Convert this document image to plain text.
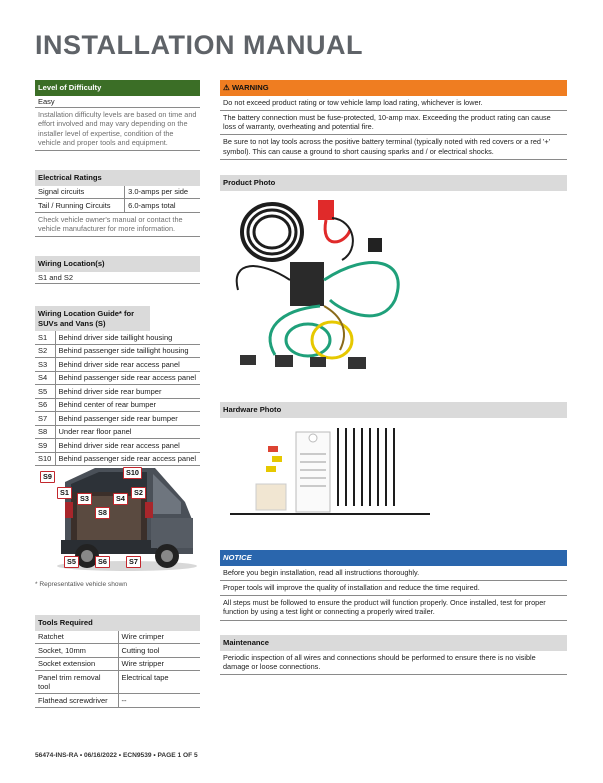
INSTALLATION MANUAL
Level of Difficulty
Easy
Installation difficulty levels are based on time and effort involved and may vary depending on the installer level of expertise, condition of the vehicle and proper tools and equipment.
Electrical Ratings
Signal circuits	3.0-amps per side
Tail / Running Circuits	6.0-amps total
Check vehicle owner's manual or contact the vehicle manufacturer for more information.
Wiring Location(s)
S1 and S2
Wiring Location Guide* for SUVs and Vans (S)
S1	Behind driver side taillight housing
S2	Behind passenger side taillight housing
S3	Behind driver side rear access panel
S4	Behind passenger side rear access panel
S5	Behind driver side rear bumper
S6	Behind center of rear bumper
S7	Behind passenger side rear bumper
S8	Under rear floor panel
S9	Behind driver side rear access panel
S10	Behind passenger side rear access panel
S9	S10
S1
S3	S4
S2
S8
S5	S6	S7
* Representative vehicle shown
Tools Required
Ratchet	Wire crimper
Socket, 10mm	Cutting tool
Socket extension	Wire stripper
Panel trim removal tool	Electrical tape
Flathead screwdriver	--
⚠ WARNING
Do not exceed product rating or tow vehicle lamp load rating, whichever is lower.
The battery connection must be fuse-protected, 10-amp max. Exceeding the product rating can cause loss of warranty, overheating and potential fire.
Be sure to not lay tools across the positive battery terminal (typically noted with red covers or a red '+' symbol). This can cause a ground to short causing sparks and / or electrical shocks.
Product Photo
Hardware Photo
NOTICE
Before you begin installation, read all instructions thoroughly.
Proper tools will improve the quality of installation and reduce the time required.
All steps must be followed to ensure the product will function properly. Once installed, test for proper function by using a test light or connecting a properly wired trailer.
Maintenance
Periodic inspection of all wires and connections should be performed to ensure there is no visible damage or loose connections.
56474-INS-RA • 06/16/2022 • ECN9539 • PAGE 1 OF 5
